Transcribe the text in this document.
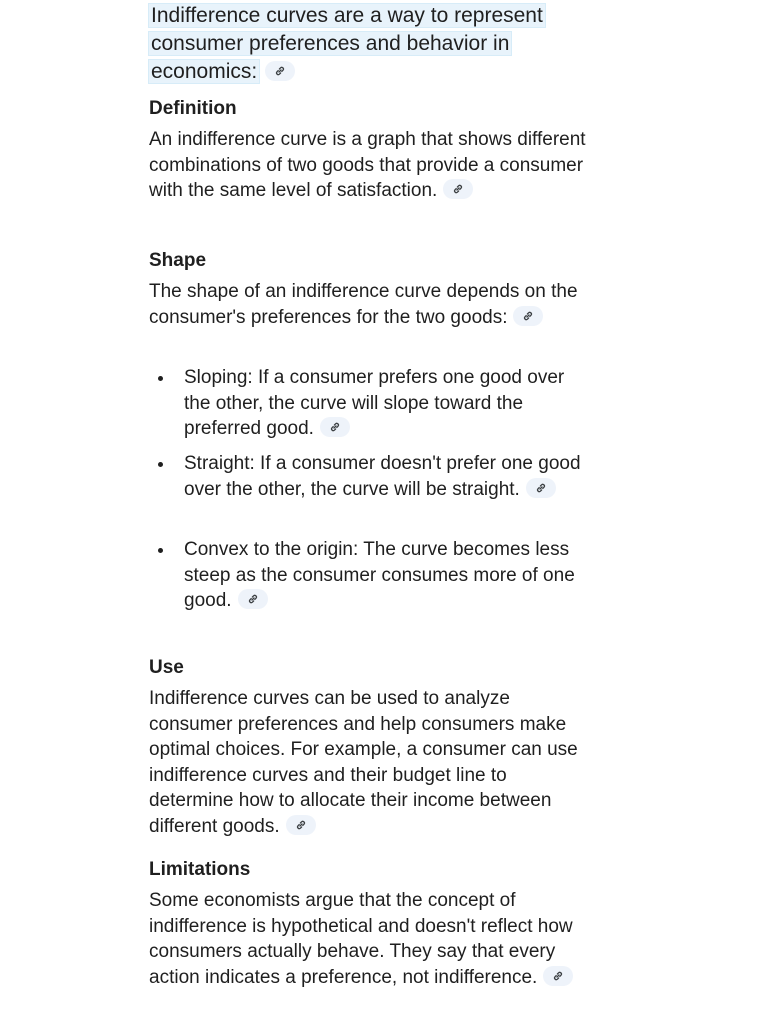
Indifference curves are a way to represent consumer preferences and behavior in economics:
Definition
An indifference curve is a graph that shows different combinations of two goods that provide a consumer with the same level of satisfaction.
Shape
The shape of an indifference curve depends on the consumer's preferences for the two goods:
Sloping: If a consumer prefers one good over the other, the curve will slope toward the preferred good.
Straight: If a consumer doesn't prefer one good over the other, the curve will be straight.
Convex to the origin: The curve becomes less steep as the consumer consumes more of one good.
Use
Indifference curves can be used to analyze consumer preferences and help consumers make optimal choices. For example, a consumer can use indifference curves and their budget line to determine how to allocate their income between different goods.
Limitations
Some economists argue that the concept of indifference is hypothetical and doesn't reflect how consumers actually behave. They say that every action indicates a preference, not indifference.
